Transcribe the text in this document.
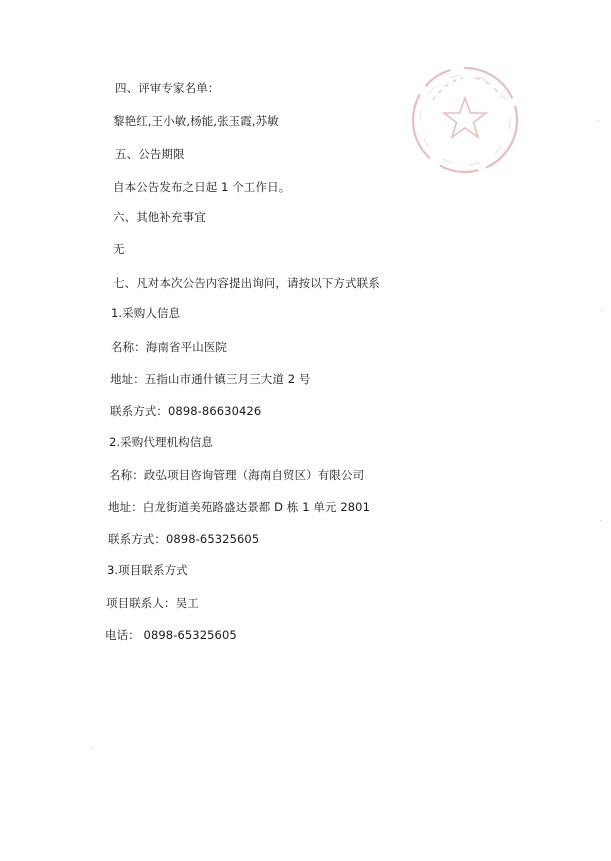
四、评审专家名单：
黎艳红,王小敏,杨能,张玉霞,苏敏
五、公告期限
自本公告发布之日起 1 个工作日。
六、其他补充事宜
无
七、凡对本次公告内容提出询问，请按以下方式联系
1.采购人信息
名称：海南省平山医院
地址：五指山市通什镇三月三大道 2 号
联系方式：0898-86630426
2.采购代理机构信息
名称：政弘项目咨询管理（海南自贸区）有限公司
地址：白龙街道美苑路盛达景都 D 栋 1 单元 2801
联系方式：0898-65325605
3.项目联系方式
项目联系人：吴工
电话： 0898-65325605
